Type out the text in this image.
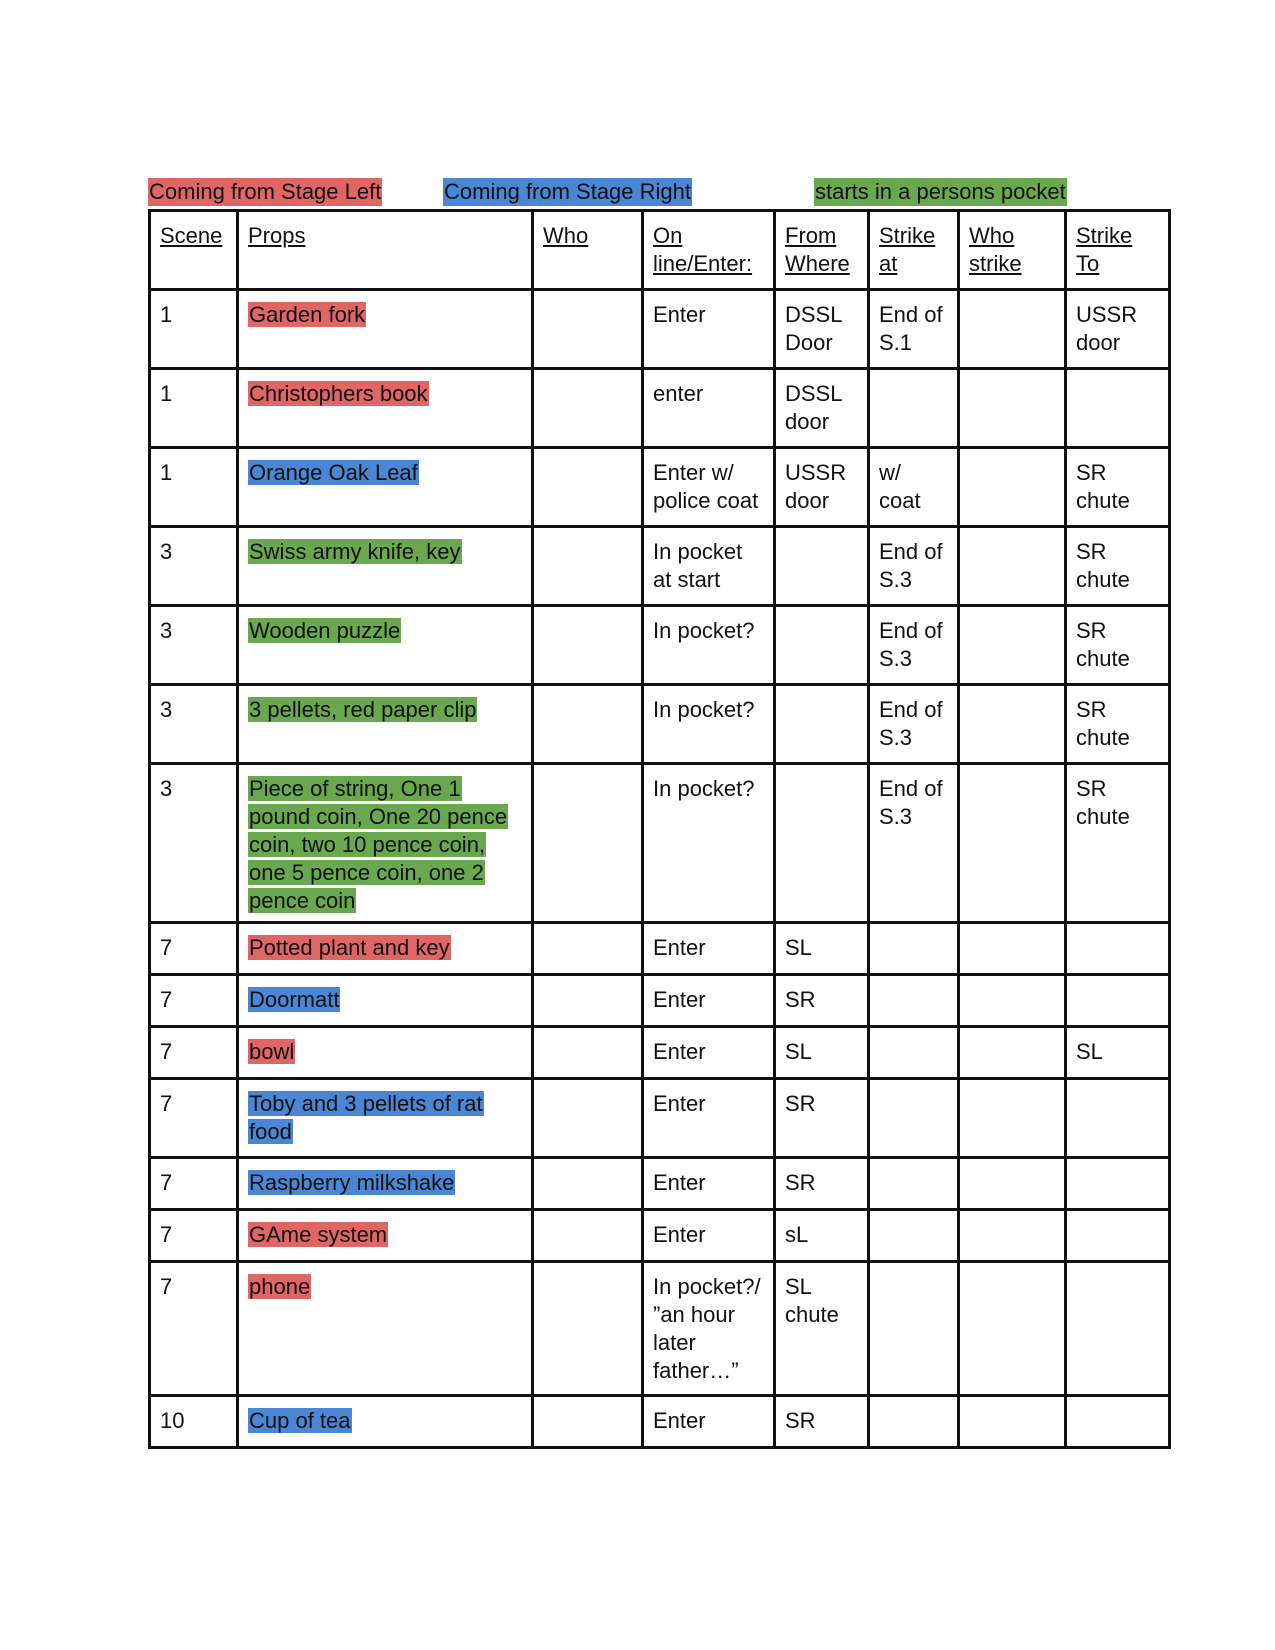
Coming from Stage Left	Coming from Stage Right	starts in a persons pocket
Scene	Props	Who	On line/Enter:	From Where	Strike at	Who strike	Strike To
1	Garden fork		Enter	DSSL Door	End of S.1		USSR door
1	Christophers book		enter	DSSL door			
1	Orange Oak Leaf		Enter w/ police coat	USSR door	w/ coat		SR chute
3	Swiss army knife, key		In pocket at start		End of S.3		SR chute
3	Wooden puzzle		In pocket?		End of S.3		SR chute
3	3 pellets, red paper clip		In pocket?		End of S.3		SR chute
3	Piece of string, One 1 pound coin, One 20 pence coin, two 10 pence coin, one 5 pence coin, one 2 pence coin		In pocket?		End of S.3		SR chute
7	Potted plant and key		Enter	SL			
7	Doormatt		Enter	SR			
7	bowl		Enter	SL			SL
7	Toby and 3 pellets of rat food		Enter	SR			
7	Raspberry milkshake		Enter	SR			
7	GAme system		Enter	sL			
7	phone		In pocket?/ ”an hour later father…”	SL chute			
10	Cup of tea		Enter	SR			
